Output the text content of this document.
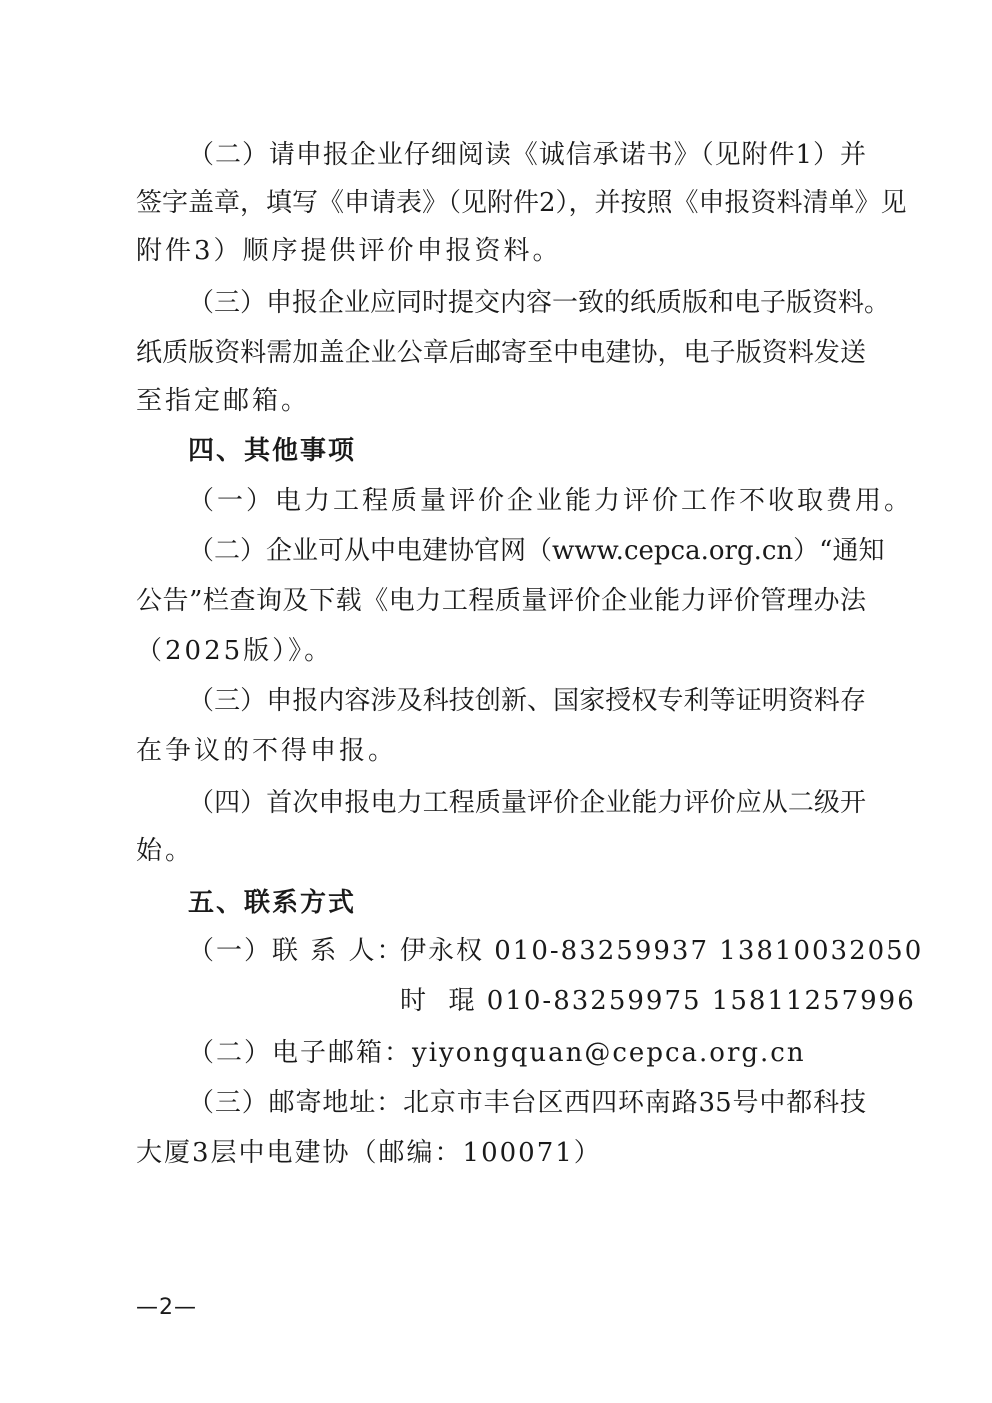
（二）请申报企业仔细阅读《诚信承诺书》（见附件1）并
签字盖章，填写《申请表》（见附件2），并按照《申报资料清单》见
附件3）顺序提供评价申报资料。
（三）申报企业应同时提交内容一致的纸质版和电子版资料。
纸质版资料需加盖企业公章后邮寄至中电建协，电子版资料发送
至指定邮箱。
四、其他事项
（一）电力工程质量评价企业能力评价工作不收取费用。
（二）企业可从中电建协官网（www.cepca.org.cn）“通知
公告”栏查询及下载《电力工程质量评价企业能力评价管理办法
（2025版）》。
（三）申报内容涉及科技创新、国家授权专利等证明资料存
在争议的不得申报。
（四）首次申报电力工程质量评价企业能力评价应从二级开
始。
五、联系方式
（一）联 系 人：
伊永权 010-83259937 13810032050
时  琨 010-83259975 15811257996
（二）电子邮箱：yiyongquan@cepca.org.cn
（三）邮寄地址：北京市丰台区西四环南路35号中都科技
大厦3层中电建协（邮编：100071）
—2—
